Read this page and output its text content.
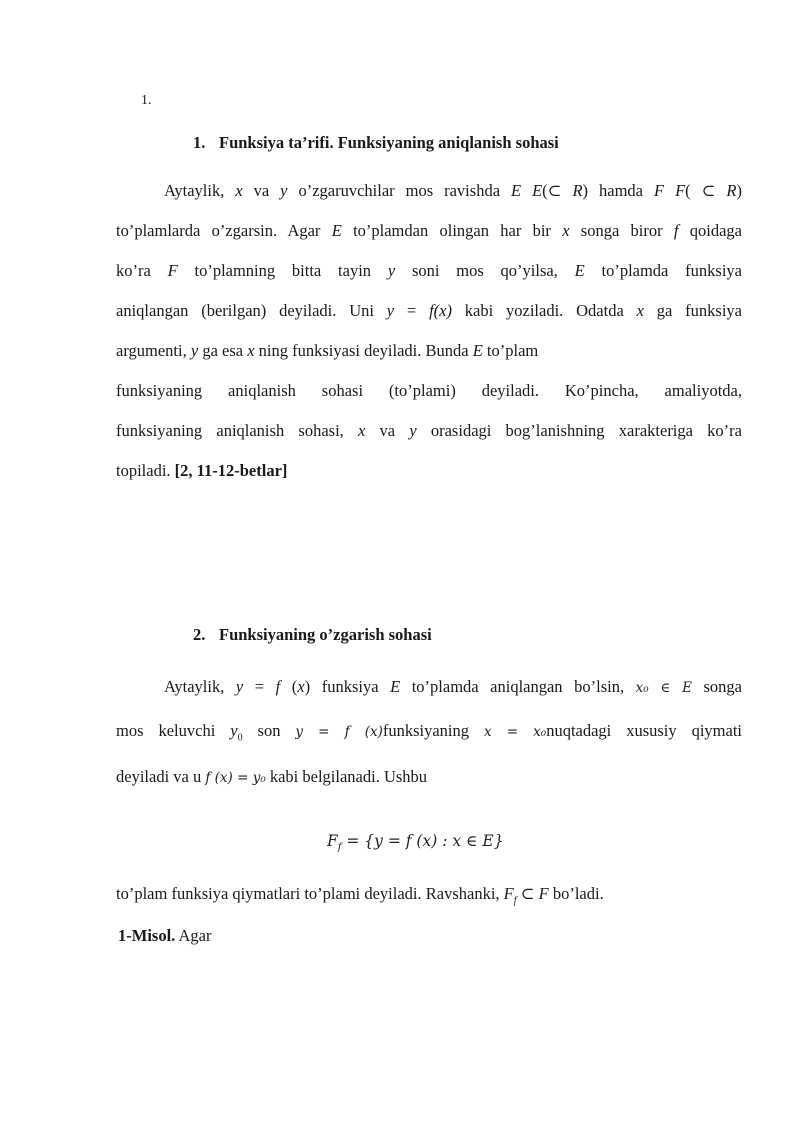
1.
1. Funksiya ta’rifi. Funksiyaning aniqlanish sohasi
Aytaylik, x va y o’zgaruvchilar mos ravishda E E(⊂ R) hamda F F( ⊂ R)
to’plamlarda o’zgarsin. Agar E to’plamdan olingan har bir x songa biror f qoidaga
ko’ra F to’plamning bitta tayin y soni mos qo’yilsa, E to’plamda funksiya
aniqlangan (berilgan) deyiladi. Uni y = f(x) kabi yoziladi. Odatda x ga funksiya
argumenti, y ga esa x ning funksiyasi deyiladi. Bunda E to’plam
funksiyaning aniqlanish sohasi (to’plami) deyiladi. Ko’pincha, amaliyotda,
funksiyaning aniqlanish sohasi, x va y orasidagi bog’lanishning xarakteriga ko’ra
topiladi. [2, 11-12-betlar]
2. Funksiyaning o’zgarish sohasi
Aytaylik, y = f (x) funksiya E to’plamda aniqlangan bo’lsin, x₀ ∈ E songa
mos keluvchi $y_0$ son y = f (x)funksiyaning x = x₀nuqtadagi xususiy qiymati
deyiladi va u f (x) = y₀ kabi belgilanadi. Ushbu
$F_f = \{y = f$ (x) : x ∈ E}
to’plam funksiya qiymatlari to’plami deyiladi. Ravshanki, $F_f$ ⊂ F bo’ladi.
1-Misol. Agar
